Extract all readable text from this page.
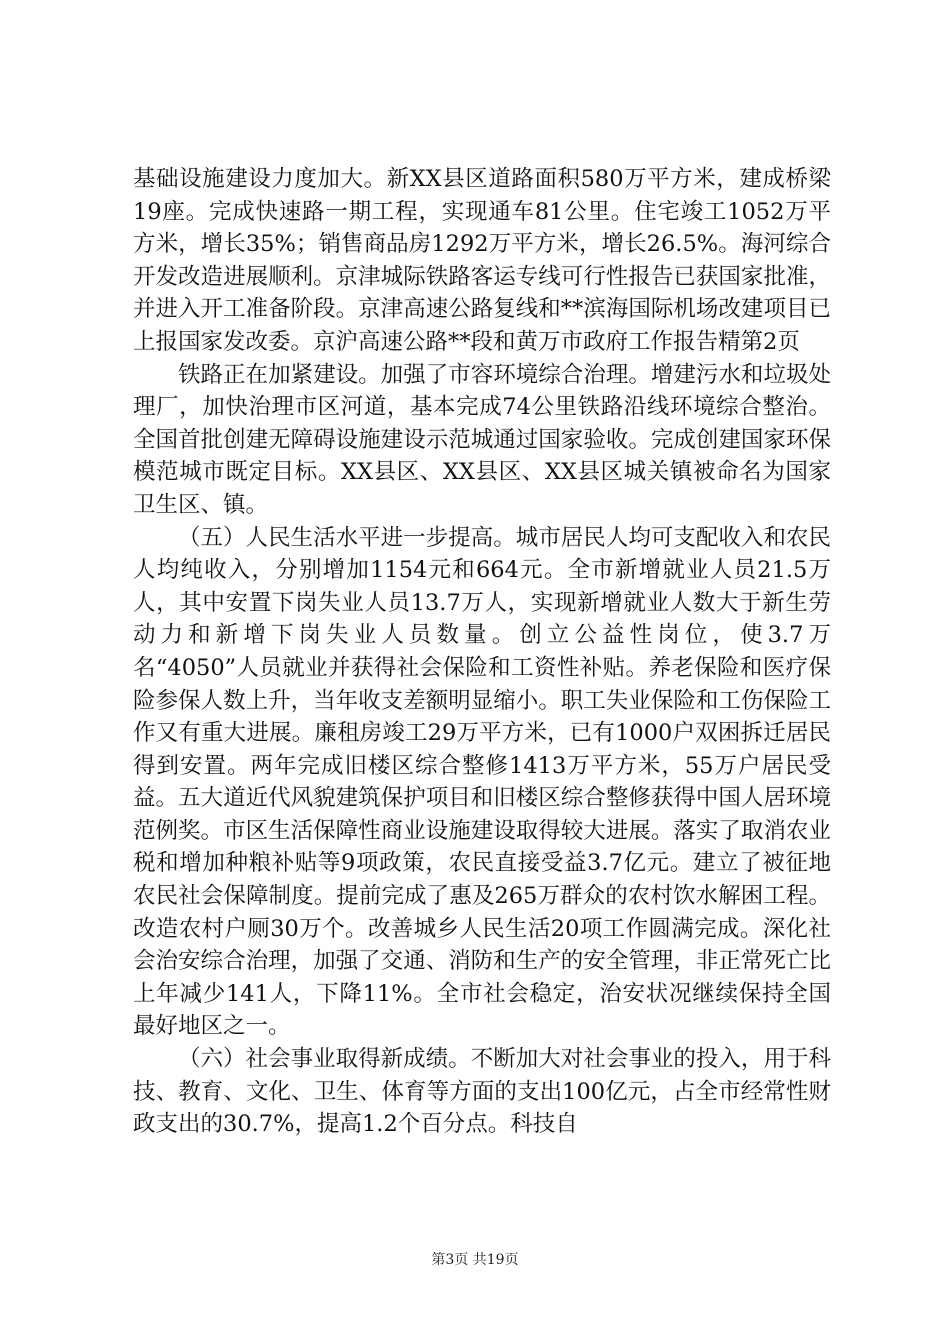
基础设施建设力度加大。新XX县区道路面积580万平方米，建成桥梁19座。完成快速路一期工程，实现通车81公里。住宅竣工1052万平方米，增长35%；销售商品房1292万平方米，增长26.5%。海河综合开发改造进展顺利。京津城际铁路客运专线可行性报告已获国家批准，并进入开工准备阶段。京津高速公路复线和**滨海国际机场改建项目已上报国家发改委。京沪高速公路**段和黄万市政府工作报告精第2页

铁路正在加紧建设。加强了市容环境综合治理。增建污水和垃圾处理厂，加快治理市区河道，基本完成74公里铁路沿线环境综合整治。全国首批创建无障碍设施建设示范城通过国家验收。完成创建国家环保模范城市既定目标。XX县区、XX县区、XX县区城关镇被命名为国家卫生区、镇。

（五）人民生活水平进一步提高。城市居民人均可支配收入和农民人均纯收入，分别增加1154元和664元。全市新增就业人员21.5万人，其中安置下岗失业人员13.7万人，实现新增就业人数大于新生劳动力和新增下岗失业人员数量。创立公益性岗位，使3.7万名“4050”人员就业并获得社会保险和工资性补贴。养老保险和医疗保险参保人数上升，当年收支差额明显缩小。职工失业保险和工伤保险工作又有重大进展。廉租房竣工29万平方米，已有1000户双困拆迁居民得到安置。两年完成旧楼区综合整修1413万平方米，55万户居民受益。五大道近代风貌建筑保护项目和旧楼区综合整修获得中国人居环境范例奖。市区生活保障性商业设施建设取得较大进展。落实了取消农业税和增加种粮补贴等9项政策，农民直接受益3.7亿元。建立了被征地农民社会保障制度。提前完成了惠及265万群众的农村饮水解困工程。改造农村户厕30万个。改善城乡人民生活20项工作圆满完成。深化社会治安综合治理，加强了交通、消防和生产的安全管理，非正常死亡比上年减少141人，下降11%。全市社会稳定，治安状况继续保持全国最好地区之一。

（六）社会事业取得新成绩。不断加大对社会事业的投入，用于科技、教育、文化、卫生、体育等方面的支出100亿元，占全市经常性财政支出的30.7%，提高1.2个百分点。科技自

第3页 共19页
